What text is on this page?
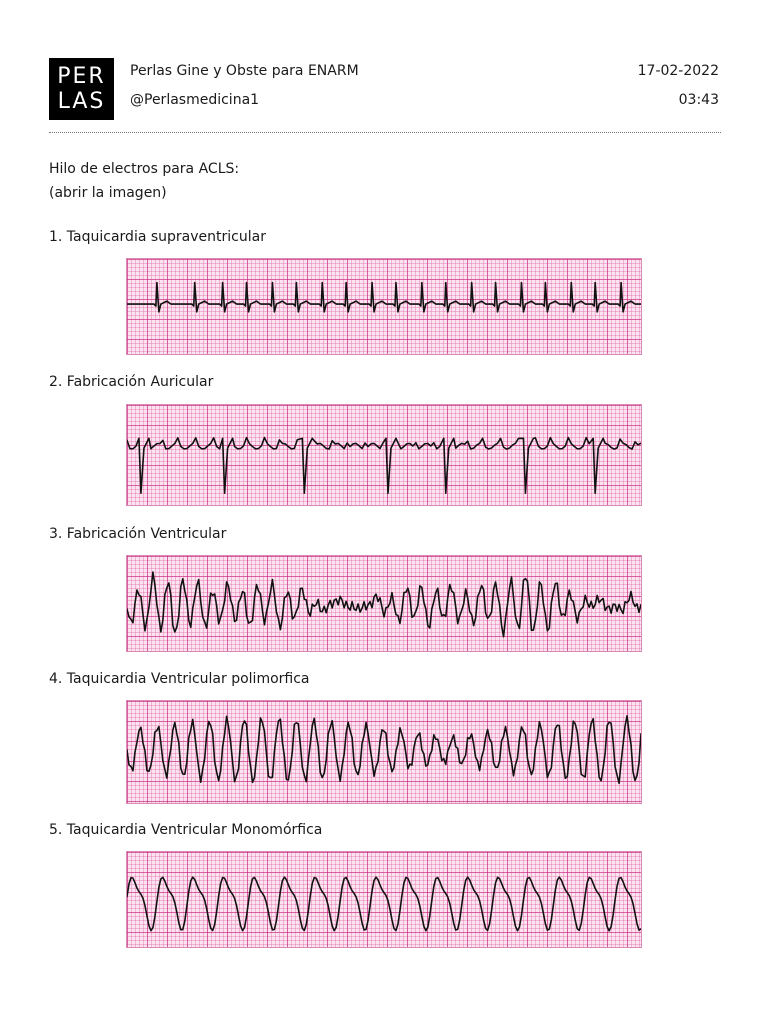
PER
LAS
Perlas Gine y Obste para ENARM
@Perlasmedicina1
17-02-2022
03:43
Hilo de electros para ACLS:
(abrir la imagen)
1. Taquicardia supraventricular
2. Fabricación Auricular
3. Fabricación Ventricular
4. Taquicardia Ventricular polimorfica
5. Taquicardia Ventricular Monomórfica
